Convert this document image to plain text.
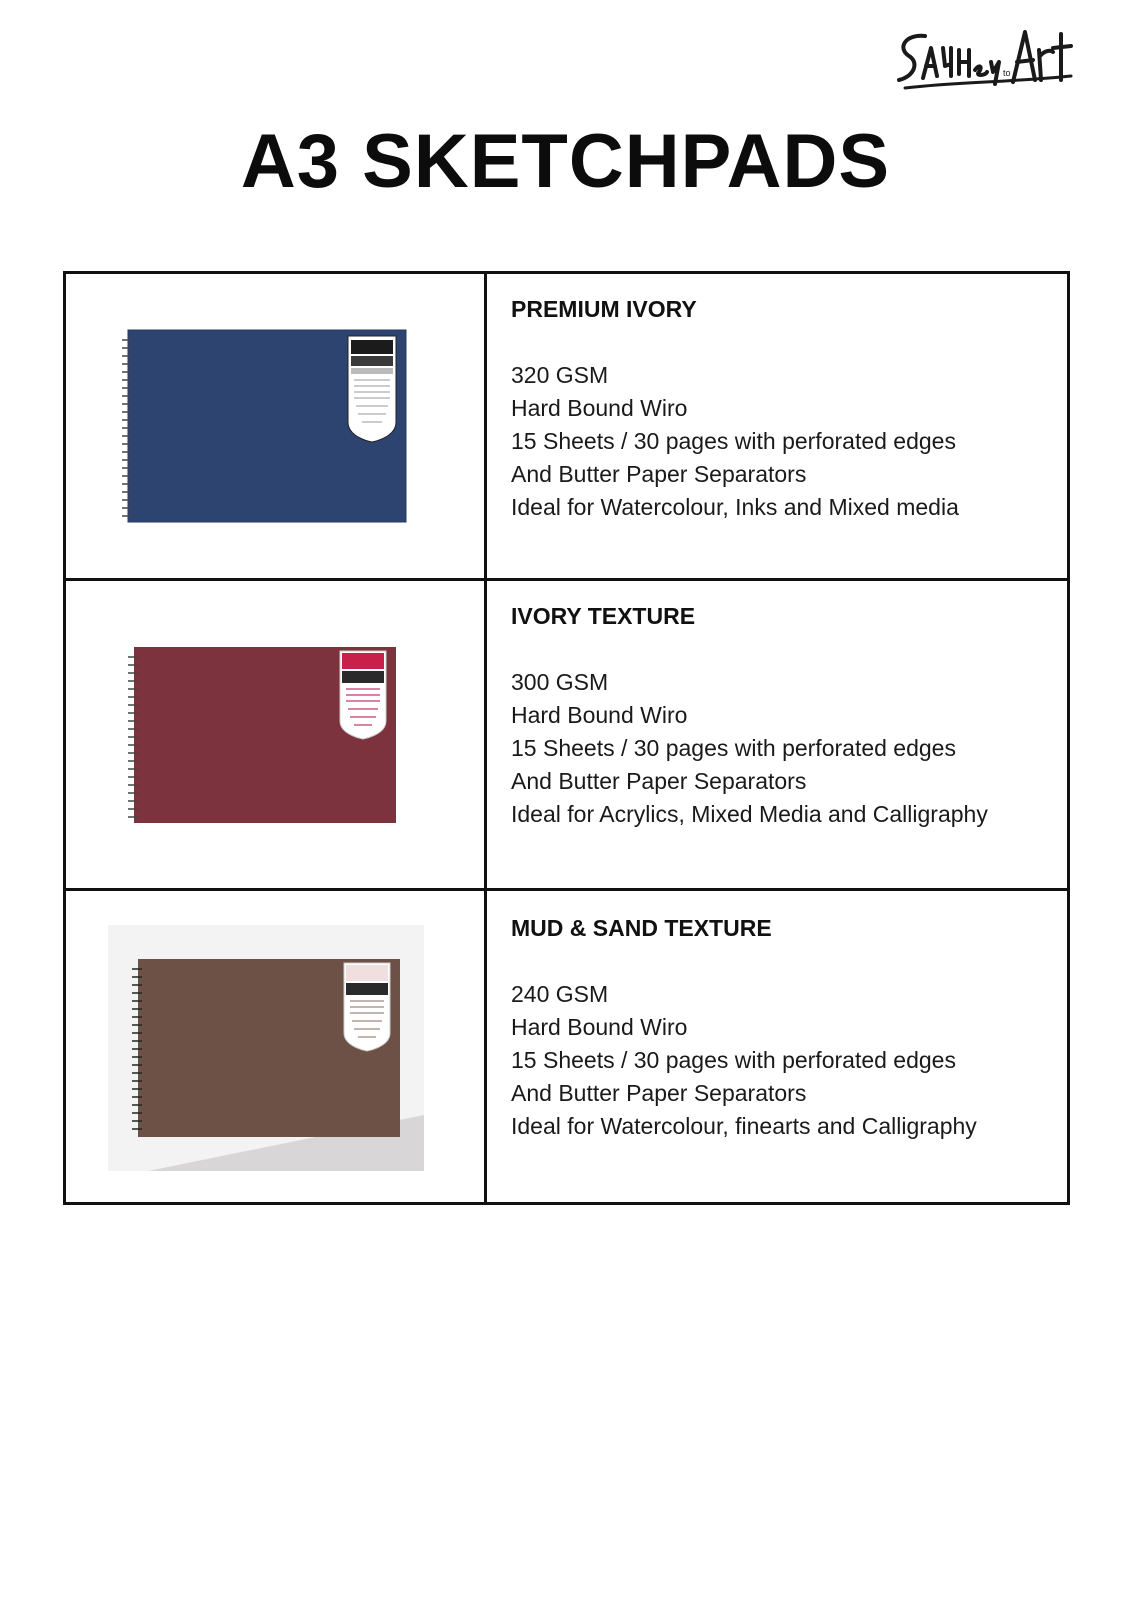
to
A3 SKETCHPADS

PREMIUM IVORY

320 GSM

Hard Bound Wiro

15 Sheets / 30 pages with perforated edges

And Butter Paper Separators

Ideal for Watercolour, Inks and Mixed media

IVORY TEXTURE

300 GSM

Hard Bound Wiro

15 Sheets / 30 pages with perforated edges

And Butter Paper Separators

Ideal for Acrylics, Mixed Media and Calligraphy

MUD & SAND TEXTURE

240 GSM

Hard Bound Wiro

15 Sheets / 30 pages with perforated edges

And Butter Paper Separators

Ideal for Watercolour, finearts and Calligraphy
